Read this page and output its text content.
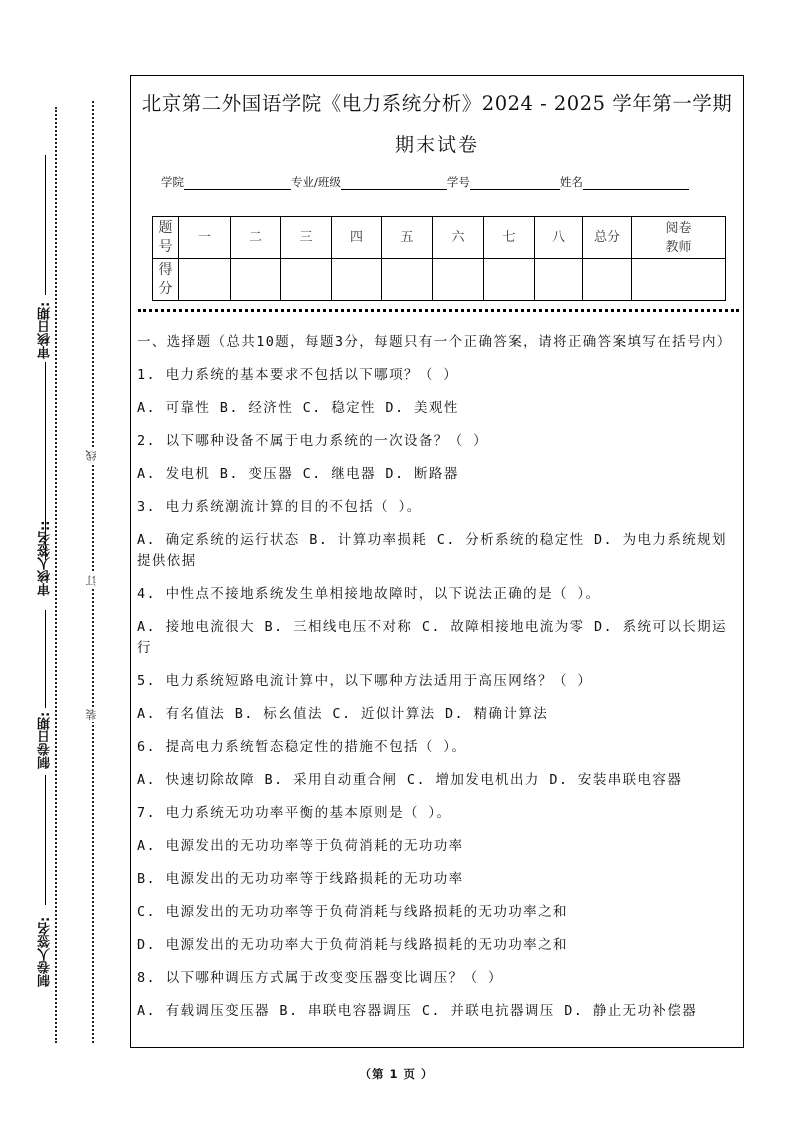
审核日期:
审核人签名::
制卷日期:
制卷人签名:
线
订
装
北京第二外国语学院《电力系统分析》2024 - 2025 学年第一学期
期末试卷
学院	专业/班级	学号	姓名
题号	一	二	三	四	五	六	七	八	总分	阅卷教师
得分										

一、选择题（总共10题，每题3分，每题只有一个正确答案，请将正确答案填写在括号内）

1. 电力系统的基本要求不包括以下哪项？（ ）

A. 可靠性 B. 经济性 C. 稳定性 D. 美观性

2. 以下哪种设备不属于电力系统的一次设备？（ ）

A. 发电机 B. 变压器 C. 继电器 D. 断路器

3. 电力系统潮流计算的目的不包括（ ）。

A. 确定系统的运行状态 B. 计算功率损耗 C. 分析系统的稳定性 D. 为电力系统规划提供依据

4. 中性点不接地系统发生单相接地故障时，以下说法正确的是（ ）。

A. 接地电流很大 B. 三相线电压不对称 C. 故障相接地电流为零 D. 系统可以长期运行

5. 电力系统短路电流计算中，以下哪种方法适用于高压网络？（ ）

A. 有名值法 B. 标幺值法 C. 近似计算法 D. 精确计算法

6. 提高电力系统暂态稳定性的措施不包括（ ）。

A. 快速切除故障 B. 采用自动重合闸 C. 增加发电机出力 D. 安装串联电容器

7. 电力系统无功功率平衡的基本原则是（ ）。

A. 电源发出的无功功率等于负荷消耗的无功功率

B. 电源发出的无功功率等于线路损耗的无功功率

C. 电源发出的无功功率等于负荷消耗与线路损耗的无功功率之和

D. 电源发出的无功功率大于负荷消耗与线路损耗的无功功率之和

8. 以下哪种调压方式属于改变变压器变比调压？（ ）

A. 有载调压变压器 B. 串联电容器调压 C. 并联电抗器调压 D. 静止无功补偿器

（第 1 页 ）
